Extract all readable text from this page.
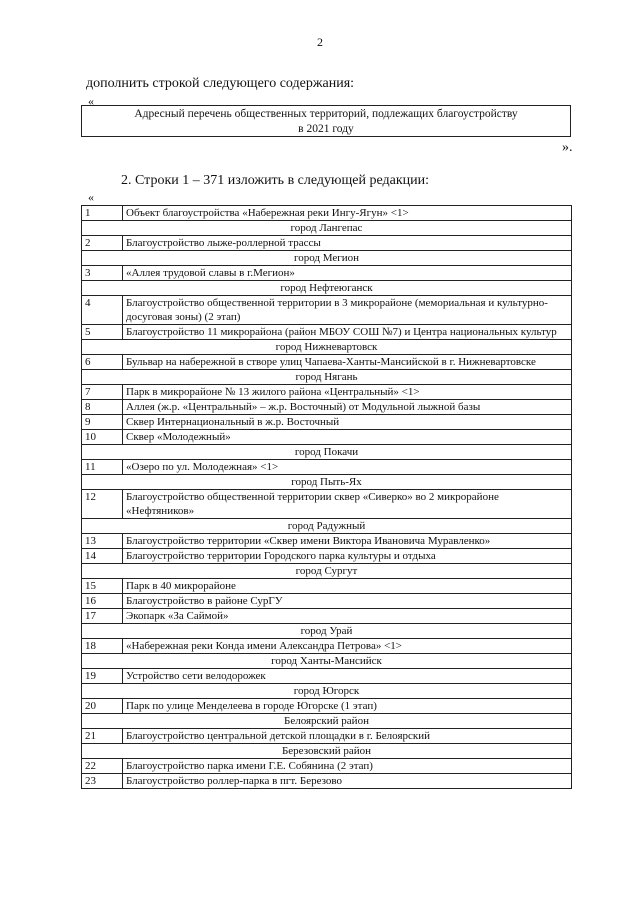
2
дополнить строкой следующего содержания:
«
Адресный перечень общественных территорий, подлежащих благоустройству
в 2021 году
».
2. Строки 1 – 371 изложить в следующей редакции:
«
1	Объект благоустройства «Набережная реки Ингу-Ягун» <1>
город Лангепас	
2	Благоустройство лыже-роллерной трассы
город Мегион	
3	«Аллея трудовой славы в г.Мегион»
город Нефтеюганск	
4	Благоустройство общественной территории в 3 микрорайоне (мемориальная и культурно-досуговая зоны) (2 этап)
5	Благоустройство 11 микрорайона (район МБОУ СОШ №7) и Центра национальных культур
город Нижневартовск	
6	Бульвар на набережной в створе улиц Чапаева-Ханты-Мансийской в г. Нижневартовске
город Нягань	
7	Парк в микрорайоне № 13 жилого района «Центральный» <1>
8	Аллея (ж.р. «Центральный» – ж.р. Восточный) от Модульной лыжной базы
9	Сквер Интернациональный в ж.р. Восточный
10	Сквер «Молодежный»
город Покачи	
11	«Озеро по ул. Молодежная» <1>
город Пыть-Ях	
12	Благоустройство общественной территории сквер «Сиверко» во 2 микрорайоне «Нефтяников»
город Радужный	
13	Благоустройство территории «Сквер имени Виктора Ивановича Муравленко»
14	Благоустройство территории Городского парка культуры и отдыха
город Сургут	
15	Парк в 40 микрорайоне
16	Благоустройство в районе СурГУ
17	Экопарк «За Саймой»
город Урай	
18	«Набережная реки Конда имени Александра Петрова» <1>
город Ханты-Мансийск	
19	Устройство сети велодорожек
город Югорск	
20	Парк по улице Менделеева в городе Югорске (1 этап)
Белоярский район	
21	Благоустройство центральной детской площадки в г. Белоярский
Березовский район	
22	Благоустройство парка имени Г.Е. Собянина (2 этап)
23	Благоустройство роллер-парка в пгт. Березово
